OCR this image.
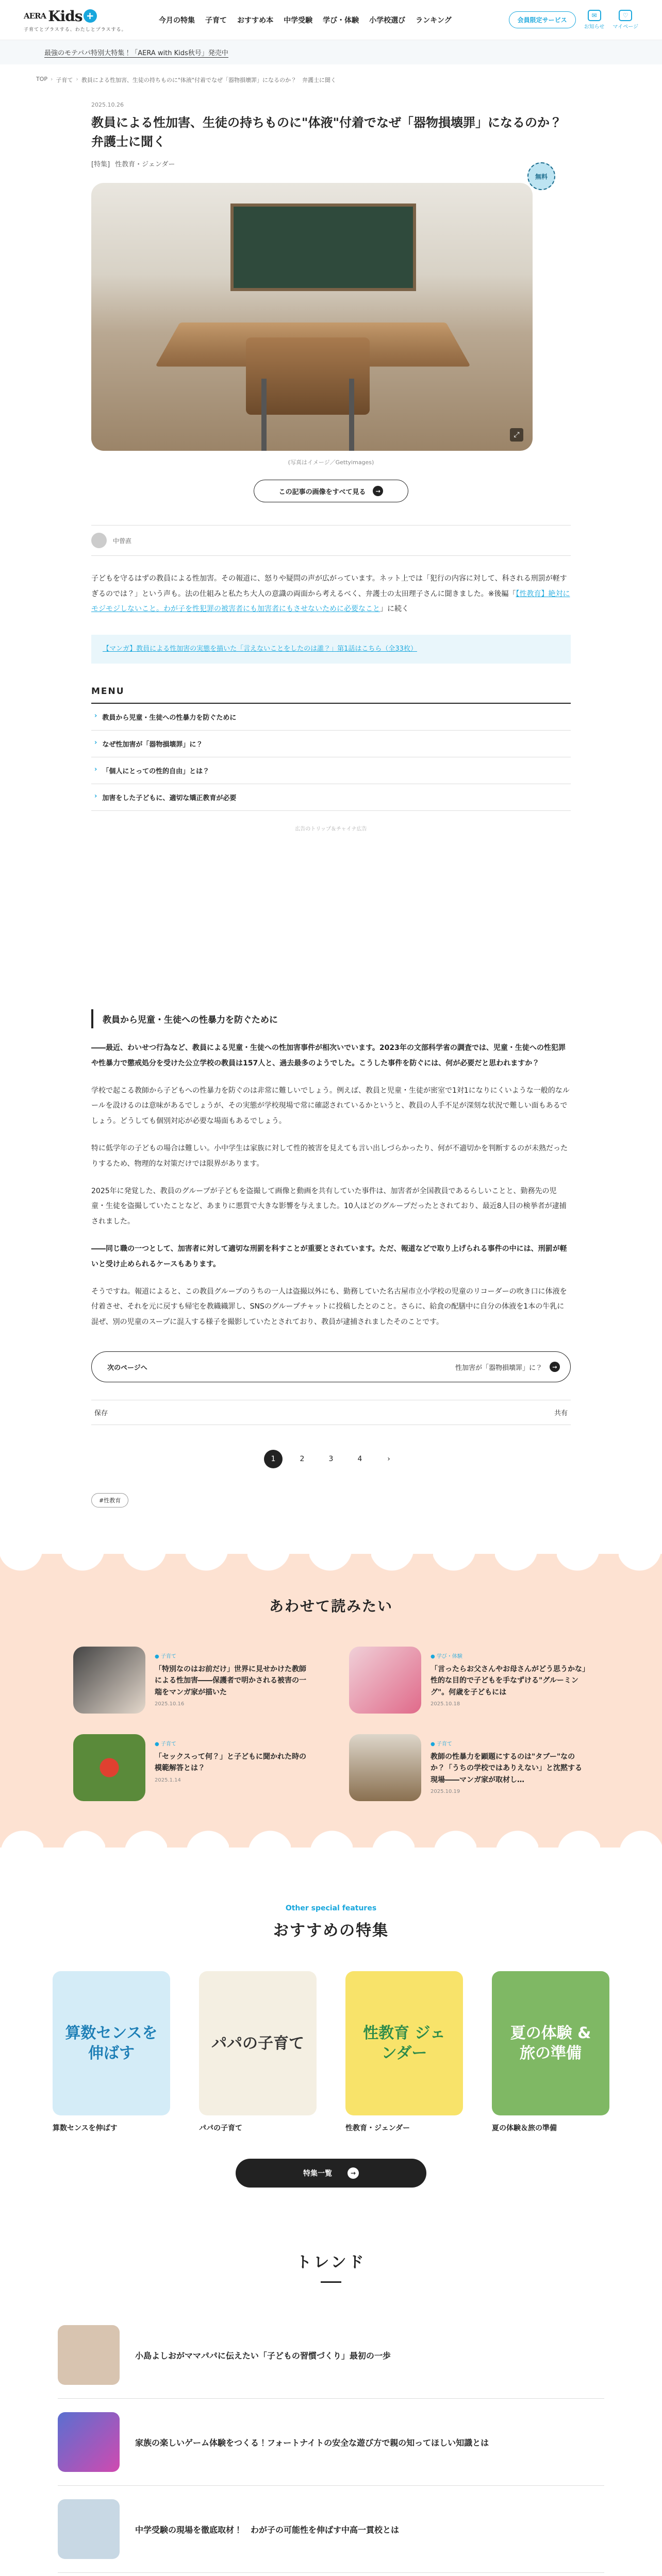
AERA Kids
子育てとプラスする、わたしとプラスする。
今月の特集 子育て おすすめ本 中学受験 学び・体験 小学校選び ランキング	会員限定サービス
✉
お知らせ
♡
マイページ
最強のモテパパ特別大特集！「AERA with Kids秋号」発売中
TOP › 子育て › 教員による性加害、生徒の持ちものに"体液"付着でなぜ「器物損壊罪」になるのか？　弁護士に聞く
2025.10.26
教員による性加害、生徒の持ちものに"体液"付着でなぜ「器物損壊罪」になるのか？　弁護士に聞く
[特集] 性教育・ジェンダー
無料
⤢
(写真はイメージ／Gettyimages)
この記事の画像をすべて見る	→
中曽直

子どもを守るはずの教員による性加害。その報道に、怒りや疑問の声が広がっています。ネット上では「犯行の内容に対して、科される刑罰が軽すぎるのでは？」という声も。法の仕組みと私たち大人の意識の両面から考えるべく、弁護士の太田理子さんに聞きました。※後編「【性教育】絶対にモジモジしないこと。わが子を性犯罪の被害者にも加害者にもさせないために必要なこと」に続く

【マンガ】教員による性加害の実態を描いた「言えないことをしたのは誰？」第1話はこちら（全33枚）
MENU
› 教員から児童・生徒への性暴力を防ぐために
› なぜ性加害が「器物損壊罪」に？
› 「個人にとっての性的自由」とは？
› 加害をした子どもに、適切な矯正教育が必要
広告のトリップ＆チャイナ広告
教員から児童・生徒への性暴力を防ぐために

――最近、わいせつ行為など、教員による児童・生徒への性加害事件が相次いでいます。2023年の文部科学省の調査では、児童・生徒への性犯罪や性暴力で懲戒処分を受けた公立学校の教員は157人と、過去最多のようでした。こうした事件を防ぐには、何が必要だと思われますか？

学校で起こる教師から子どもへの性暴力を防ぐのは非常に難しいでしょう。例えば、教員と児童・生徒が密室で1対1になりにくいような一般的なルールを設けるのは意味があるでしょうが、その実態が学校現場で常に確認されているかというと、教員の人手不足が深刻な状況で難しい面もあるでしょう。どうしても個別対応が必要な場面もあるでしょう。

特に低学年の子どもの場合は難しい。小中学生は家族に対して性的被害を見えても言い出しづらかったり、何が不適切かを判断するのが未熟だったりするため、物理的な対策だけでは限界があります。

2025年に発覚した、教員のグループが子どもを盗撮して画像と動画を共有していた事件は、加害者が全国教員であるらしいことと、勤務先の児童・生徒を盗撮していたことなど、あまりに悪質で大きな影響を与えました。10人ほどのグループだったとされており、最近8人目の検挙者が逮捕されました。

――同じ職の一つとして、加害者に対して適切な刑罰を科すことが重要とされています。ただ、報道などで取り上げられる事件の中には、刑罰が軽いと受け止められるケースもあります。

そうですね。報道によると、この教員グループのうちの一人は盗撮以外にも、勤務していた名古屋市立小学校の児童のリコーダーの吹き口に体液を付着させ、それを元に戻すも帰宅を教織織罪し、SNSのグループチャットに投稿したとのこと。さらに、給食の配膳中に自分の体液を1本の牛乳に混ぜ、別の児童のスープに混入する様子を撮影していたとされており、教員が逮捕されましたそのことです。

次のページへ	性加害が「器物損壊罪」に？	→
保存	共有
1	2	3	4	›
#性教育
あわせて読みたい
● 子育て
「特別なのはお前だけ」世界に見せかけた教師による性加害――保護者で明かされる被害の一端をマンガ家が描いた
2025.10.16
● 学び・体験
「言ったらお父さんやお母さんがどう思うかな」性的な目的で子どもを手なずける"グルーミング"。何歳を子どもには
2025.10.18
● 子育て
「セックスって何？」と子どもに聞かれた時の模範解答とは？
2025.1.14
● 子育て
教師の性暴力を顕題にするのは"タブー"なのか？「うちの学校ではありえない」と沈黙する現場――マンガ家が取材し…
2025.10.19
Other special features
おすすめの特集
算数センスを伸ばす
算数センスを伸ばす
パパの子育て
パパの子育て
性教育 ジェンダー
性教育・ジェンダー
夏の体験 & 旅の準備
夏の体験＆旅の準備
特集一覧	→
トレンド
小島よしおがママパパに伝えたい「子どもの習慣づくり」最初の一歩
家族の楽しいゲーム体験をつくる！フォートナイトの安全な遊び方で親の知ってほしい知識とは
中学受験の現場を徹底取材！　わが子の可能性を伸ばす中高一貫校とは
